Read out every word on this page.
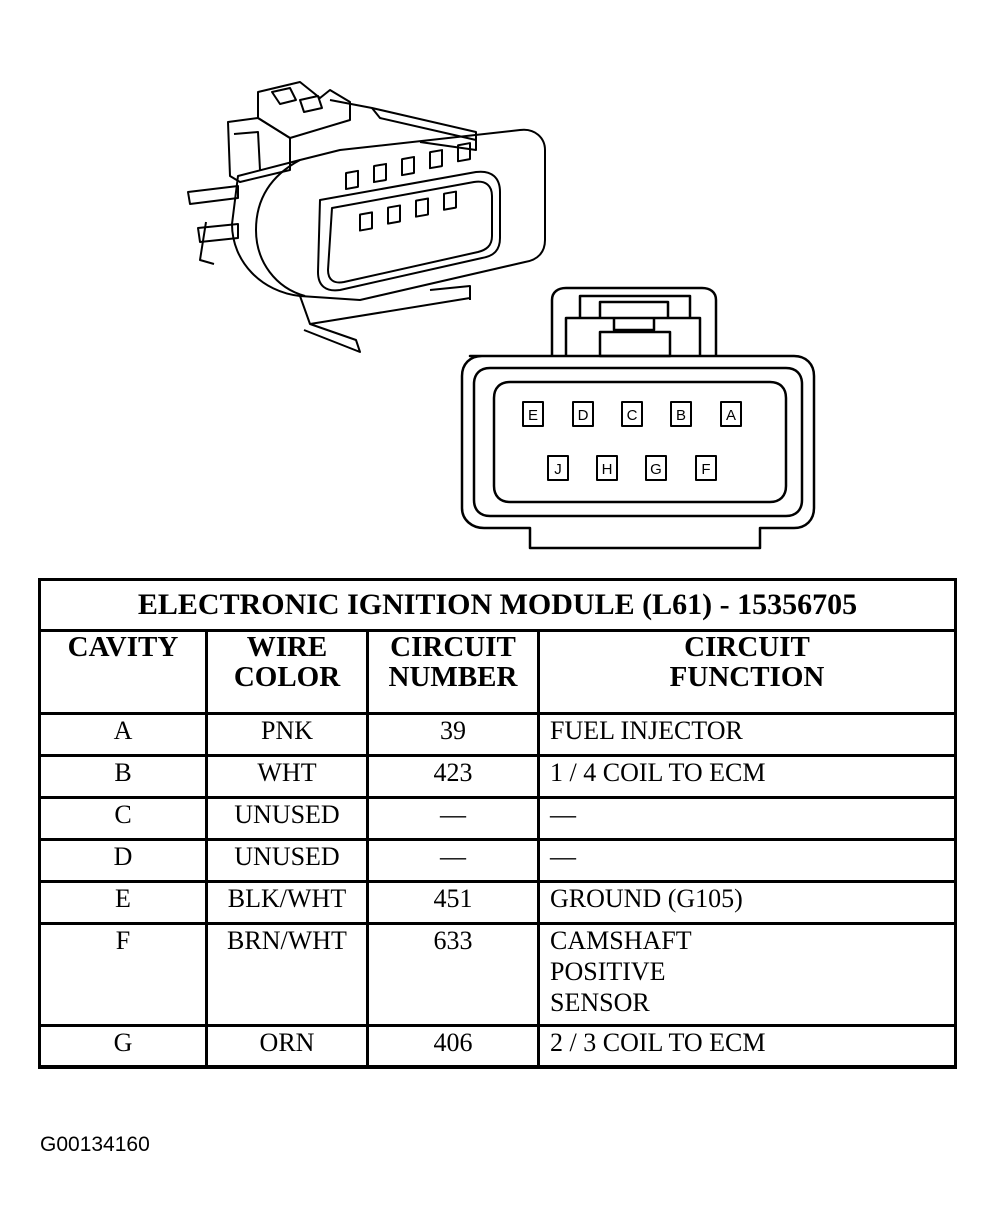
E	D	C	B	A
J	H	G	F
ELECTRONIC IGNITION MODULE (L61) - 15356705			
CAVITY	WIRE COLOR	CIRCUIT NUMBER	CIRCUIT FUNCTION
A	PNK	39	FUEL INJECTOR
B	WHT	423	1 / 4 COIL TO ECM
C	UNUSED	—	—
D	UNUSED	—	—
E	BLK/WHT	451	GROUND (G105)
F	BRN/WHT	633	CAMSHAFT
POSITIVE
SENSOR

G	ORN	406	2 / 3 COIL TO ECM
G00134160
